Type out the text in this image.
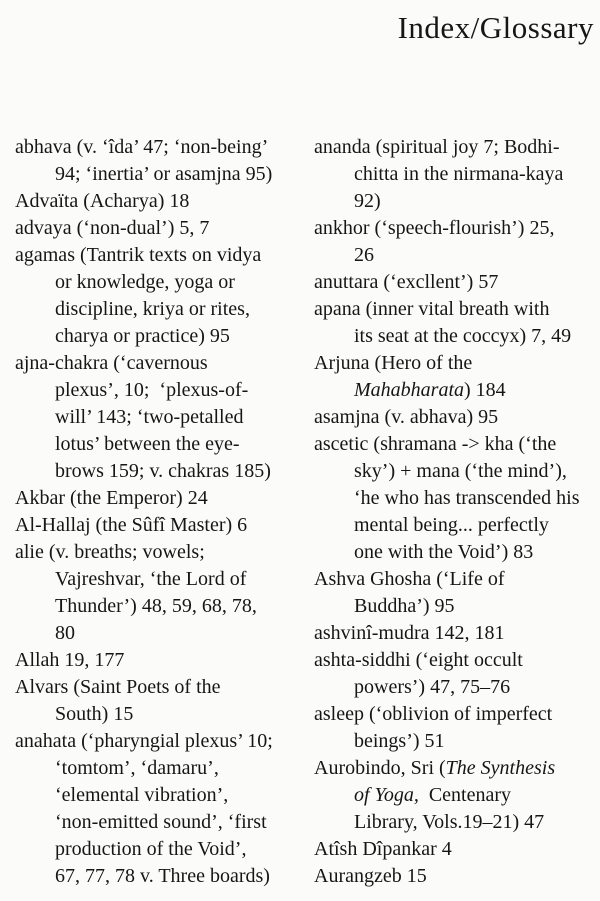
Index/Glossary
abhava (v. ‘îda’ 47; ‘non-being’
94; ‘inertia’ or asamjna 95)
Advaïta (Acharya) 18
advaya (‘non-dual’) 5, 7
agamas (Tantrik texts on vidya
or knowledge, yoga or
discipline, kriya or rites,
charya or practice) 95
ajna-chakra (‘cavernous
plexus’, 10;  ‘plexus-of-
will’ 143; ‘two-petalled
lotus’ between the eye-
brows 159; v. chakras 185)
Akbar (the Emperor) 24
Al-Hallaj (the Sûfî Master) 6
alie (v. breaths; vowels;
Vajreshvar, ‘the Lord of
Thunder’) 48, 59, 68, 78,
80
Allah 19, 177
Alvars (Saint Poets of the
South) 15
anahata (‘pharyngial plexus’ 10;
‘tomtom’, ‘damaru’,
‘elemental vibration’,
‘non-emitted sound’, ‘first
production of the Void’,
67, 77, 78 v. Three boards)
ananda (spiritual joy 7; Bodhi-
chitta in the nirmana-kaya
92)
ankhor (‘speech-flourish’) 25,
26
anuttara (‘excllent’) 57
apana (inner vital breath with
its seat at the coccyx) 7, 49
Arjuna (Hero of the
Mahabharata) 184
asamjna (v. abhava) 95
ascetic (shramana -> kha (‘the
sky’) + mana (‘the mind’),
‘he who has transcended his
mental being... perfectly
one with the Void’) 83
Ashva Ghosha (‘Life of
Buddha’) 95
ashvinî-mudra 142, 181
ashta-siddhi (‘eight occult
powers’) 47, 75–76
asleep (‘oblivion of imperfect
beings’) 51
Aurobindo, Sri (The Synthesis
of Yoga,  Centenary
Library, Vols.19–21) 47
Atîsh Dîpankar 4
Aurangzeb 15
